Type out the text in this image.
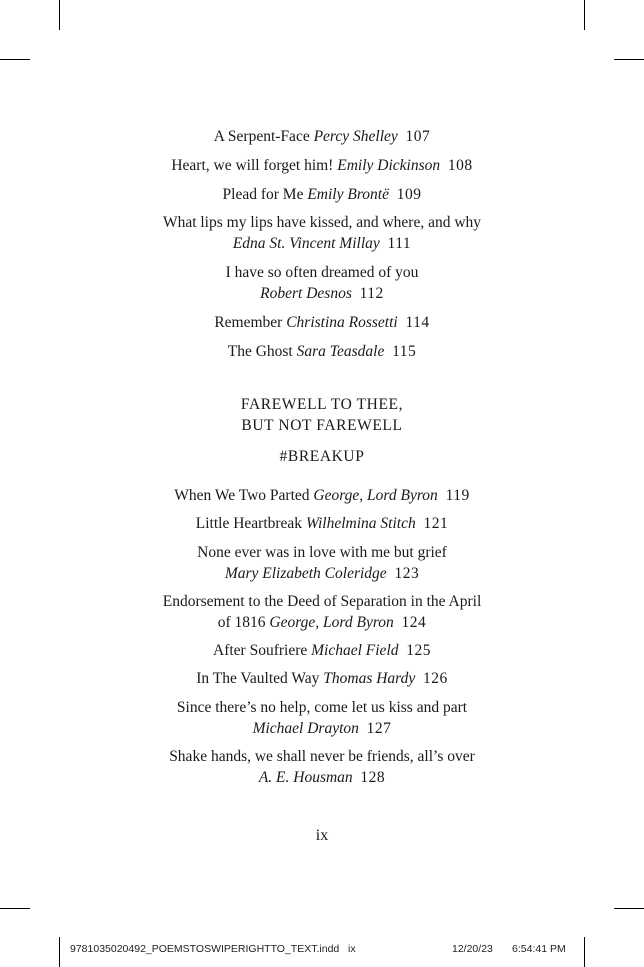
A Serpent-Face Percy Shelley 107
Heart, we will forget him! Emily Dickinson 108
Plead for Me Emily Brontë 109
What lips my lips have kissed, and where, and why
Edna St. Vincent Millay 111
I have so often dreamed of you
Robert Desnos 112
Remember Christina Rossetti 114
The Ghost Sara Teasdale 115
FAREWELL TO THEE,
BUT NOT FAREWELL
#BREAKUP
When We Two Parted George, Lord Byron 119
Little Heartbreak Wilhelmina Stitch 121
None ever was in love with me but grief
Mary Elizabeth Coleridge 123
Endorsement to the Deed of Separation in the April
of 1816 George, Lord Byron 124
After Soufriere Michael Field 125
In The Vaulted Way Thomas Hardy 126
Since there’s no help, come let us kiss and part
Michael Drayton 127
Shake hands, we shall never be friends, all’s over
A. E. Housman 128
ix
9781035020492_POEMSTOSWIPERIGHTTO_TEXT.indd   ix	12/20/23 6:54:41 PM
